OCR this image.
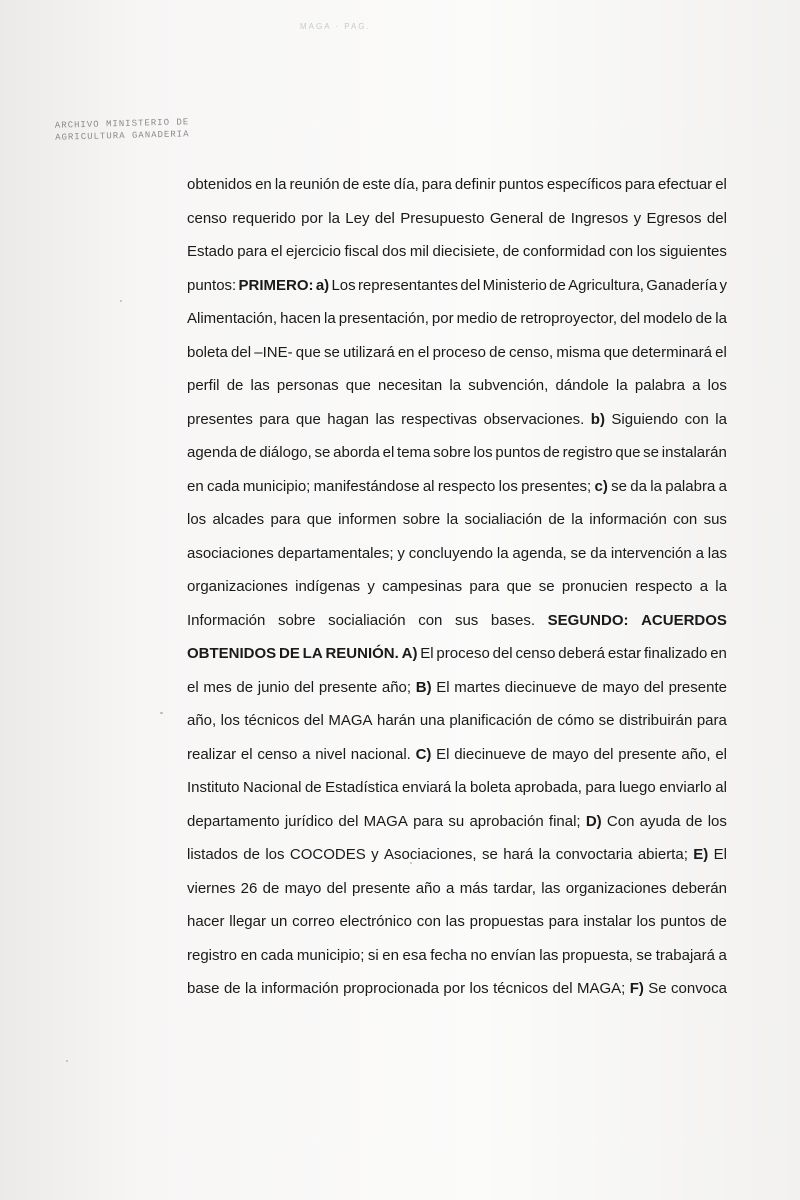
MAGA · PAG.
ARCHIVO MINISTERIO DE
AGRICULTURA GANADERIA
obtenidos en la reunión de este día, para definir puntos específicos para efectuar el
censo requerido por la Ley del Presupuesto General de Ingresos y Egresos del
Estado para el ejercicio fiscal dos mil diecisiete, de conformidad con los siguientes
puntos: PRIMERO: a) Los representantes del Ministerio de Agricultura, Ganadería y
Alimentación, hacen la presentación, por medio de retroproyector, del modelo de la
boleta del –INE- que se utilizará en el proceso de censo, misma que determinará el
perfil de las personas que necesitan la subvención, dándole la palabra a los
presentes para que hagan las respectivas observaciones. b) Siguiendo con la
agenda de diálogo, se aborda el tema sobre los puntos de registro que se instalarán
en cada municipio; manifestándose al respecto los presentes; c) se da la palabra a
los alcades para que informen sobre la socialiación de la información con sus
asociaciones departamentales; y concluyendo la agenda, se da intervención a las
organizaciones indígenas y campesinas para que se pronucien respecto a la
Información sobre socialiación con sus bases. SEGUNDO: ACUERDOS
OBTENIDOS DE LA REUNIÓN. A) El proceso del censo deberá estar finalizado en
el mes de junio del presente año; B) El martes diecinueve de mayo del presente
año, los técnicos del MAGA harán una planificación de cómo se distribuirán para
realizar el censo a nivel nacional. C) El diecinueve de mayo del presente año, el
Instituto Nacional de Estadística enviará la boleta aprobada, para luego enviarlo al
departamento jurídico del MAGA para su aprobación final; D) Con ayuda de los
listados de los COCODES y Asociaciones, se hará la convoctaria abierta; E) El
viernes 26 de mayo del presente año a más tardar, las organizaciones deberán
hacer llegar un correo electrónico con las propuestas para instalar los puntos de
registro en cada municipio; si en esa fecha no envían las propuesta, se trabajará a
base de la información proprocionada por los técnicos del MAGA; F) Se convoca
